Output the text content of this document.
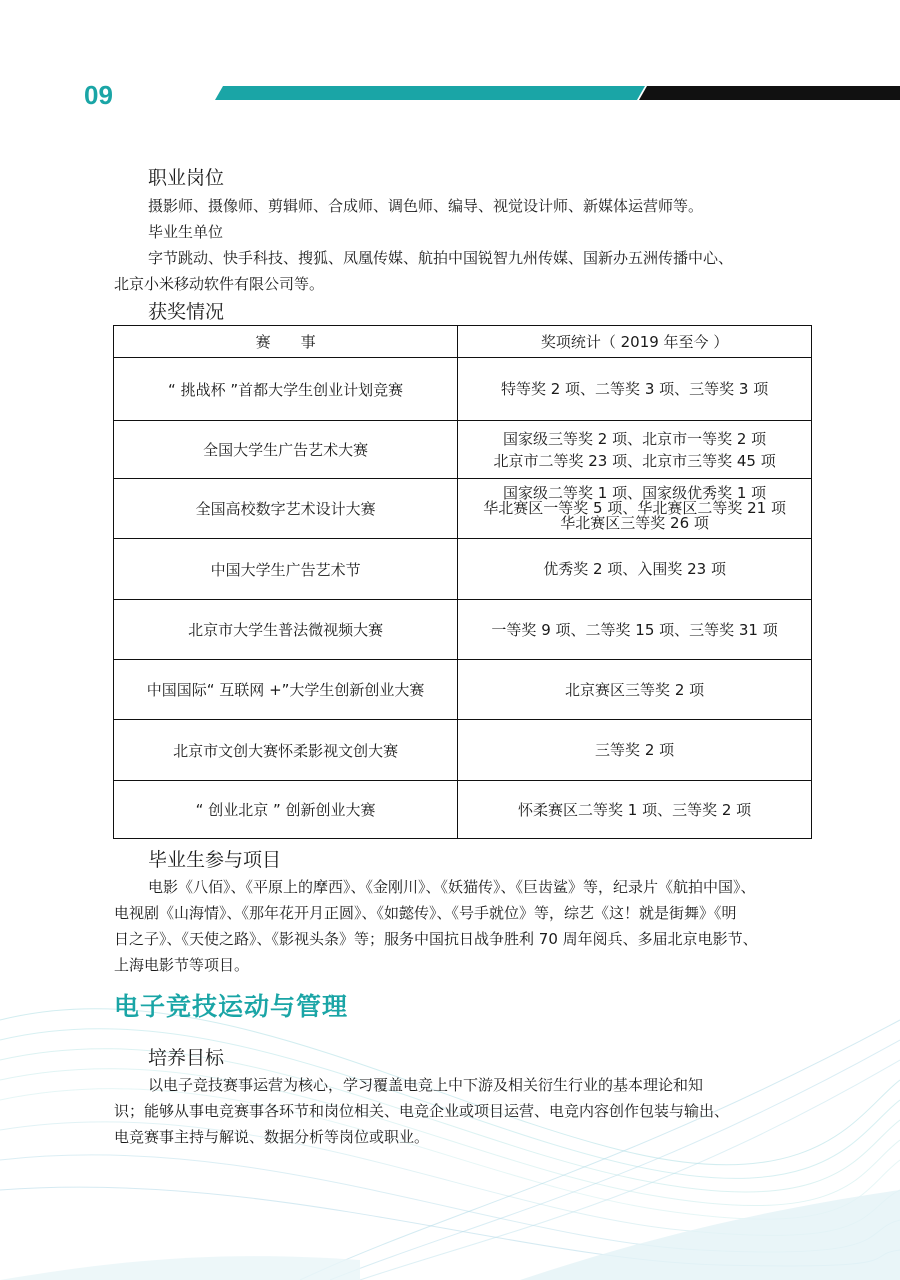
09
职业岗位

摄影师、摄像师、剪辑师、合成师、调色师、编导、视觉设计师、新媒体运营师等。

毕业生单位

字节跳动、快手科技、搜狐、凤凰传媒、航拍中国锐智九州传媒、国新办五洲传播中心、

北京小米移动软件有限公司等。

获奖情况
赛　　事	奖项统计（ 2019 年至今 ）
“ 挑战杯 ”首都大学生创业计划竞赛	特等奖 2 项、二等奖 3 项、三等奖 3 项

全国大学生广告艺术大赛	国家级三等奖 2 项、北京市一等奖 2 项
北京市二等奖 23 项、北京市三等奖 45 项

全国高校数字艺术设计大赛	国家级二等奖 1 项、国家级优秀奖 1 项
华北赛区一等奖 5 项、华北赛区二等奖 21 项
华北赛区三等奖 26 项

中国大学生广告艺术节	优秀奖 2 项、入围奖 23 项

北京市大学生普法微视频大赛	一等奖 9 项、二等奖 15 项、三等奖 31 项

中国国际“ 互联网 +”大学生创新创业大赛	北京赛区三等奖 2 项

北京市文创大赛怀柔影视文创大赛	三等奖 2 项

“ 创业北京 ” 创新创业大赛	怀柔赛区二等奖 1 项、三等奖 2 项
毕业生参与项目

电影《八佰》、《平原上的摩西》、《金刚川》、《妖猫传》、《巨齿鲨》等，纪录片《航拍中国》、

电视剧《山海情》、《那年花开月正圆》、《如懿传》、《号手就位》等，综艺《这！就是街舞》《明

日之子》、《天使之路》、《影视头条》等；服务中国抗日战争胜利 70 周年阅兵、多届北京电影节、

上海电影节等项目。

电子竞技运动与管理
培养目标

以电子竞技赛事运营为核心，学习覆盖电竞上中下游及相关衍生行业的基本理论和知

识；能够从事电竞赛事各环节和岗位相关、电竞企业或项目运营、电竞内容创作包装与输出、

电竞赛事主持与解说、数据分析等岗位或职业。
